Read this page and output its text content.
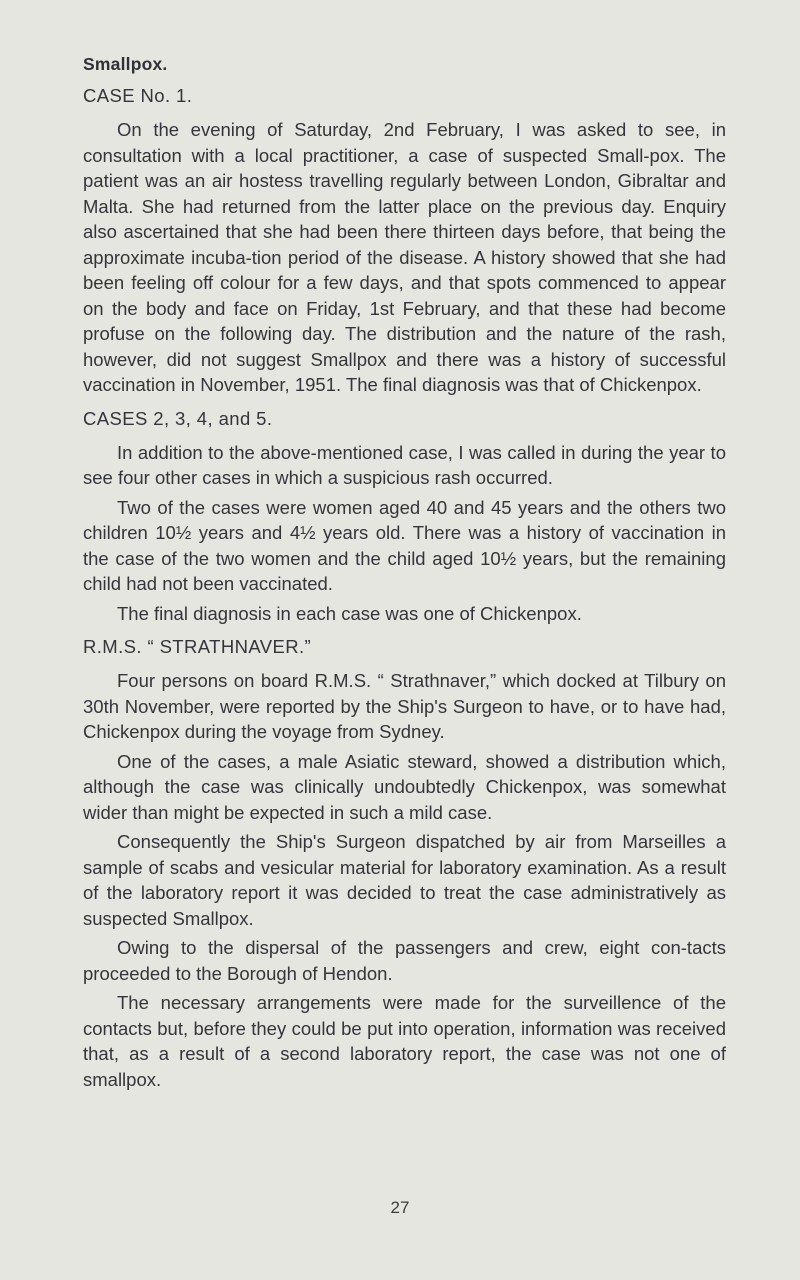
Smallpox.
CASE No. 1.

On the evening of Saturday, 2nd February, I was asked to see, in consultation with a local practitioner, a case of suspected Small-pox. The patient was an air hostess travelling regularly between London, Gibraltar and Malta. She had returned from the latter place on the previous day. Enquiry also ascertained that she had been there thirteen days before, that being the approximate incuba-tion period of the disease. A history showed that she had been feeling off colour for a few days, and that spots commenced to appear on the body and face on Friday, 1st February, and that these had become profuse on the following day. The distribution and the nature of the rash, however, did not suggest Smallpox and there was a history of successful vaccination in November, 1951. The final diagnosis was that of Chickenpox.

CASES 2, 3, 4, and 5.

In addition to the above-mentioned case, I was called in during the year to see four other cases in which a suspicious rash occurred.

Two of the cases were women aged 40 and 45 years and the others two children 10½ years and 4½ years old. There was a history of vaccination in the case of the two women and the child aged 10½ years, but the remaining child had not been vaccinated.

The final diagnosis in each case was one of Chickenpox.

R.M.S. “ STRATHNAVER.”

Four persons on board R.M.S. “ Strathnaver,” which docked at Tilbury on 30th November, were reported by the Ship's Surgeon to have, or to have had, Chickenpox during the voyage from Sydney.

One of the cases, a male Asiatic steward, showed a distribution which, although the case was clinically undoubtedly Chickenpox, was somewhat wider than might be expected in such a mild case.

Consequently the Ship's Surgeon dispatched by air from Marseilles a sample of scabs and vesicular material for laboratory examination. As a result of the laboratory report it was decided to treat the case administratively as suspected Smallpox.

Owing to the dispersal of the passengers and crew, eight con-tacts proceeded to the Borough of Hendon.

The necessary arrangements were made for the surveillence of the contacts but, before they could be put into operation, information was received that, as a result of a second laboratory report, the case was not one of smallpox.

27
